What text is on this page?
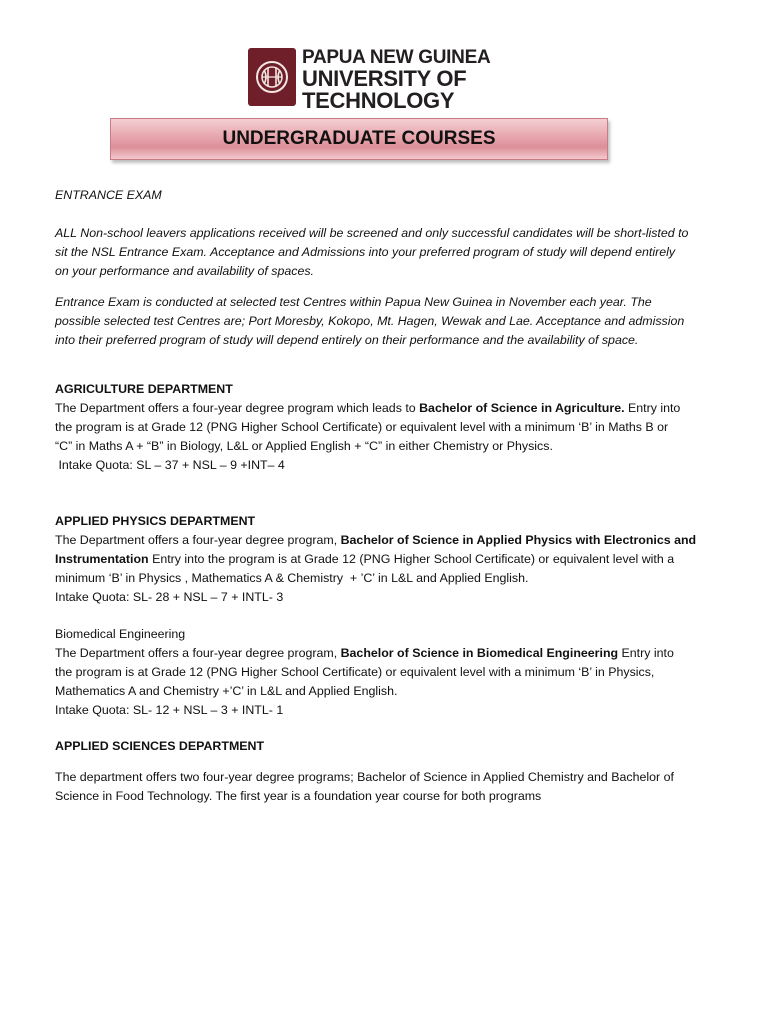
PAPUA NEW GUINEA
UNIVERSITY OF
TECHNOLOGY
UNDERGRADUATE COURSES

ENTRANCE EXAM

ALL Non-school leavers applications received will be screened and only successful candidates will be short-listed to

sit the NSL Entrance Exam. Acceptance and Admissions into your preferred program of study will depend entirely

on your performance and availability of spaces.

Entrance Exam is conducted at selected test Centres within Papua New Guinea in November each year. The

possible selected test Centres are; Port Moresby, Kokopo, Mt. Hagen, Wewak and Lae. Acceptance and admission

into their preferred program of study will depend entirely on their performance and the availability of space.

AGRICULTURE DEPARTMENT

The Department offers a four-year degree program which leads to Bachelor of Science in Agriculture. Entry into

the program is at Grade 12 (PNG Higher School Certificate) or equivalent level with a minimum ‘B’ in Maths B or

“C” in Maths A + “B” in Biology, L&L or Applied English + “C” in either Chemistry or Physics.

Intake Quota: SL – 37 + NSL – 9 +INT– 4

APPLIED PHYSICS DEPARTMENT

The Department offers a four-year degree program, Bachelor of Science in Applied Physics with Electronics and

Instrumentation Entry into the program is at Grade 12 (PNG Higher School Certificate) or equivalent level with a

minimum ‘B’ in Physics , Mathematics A & Chemistry  + ’C’ in L&L and Applied English.

Intake Quota: SL- 28 + NSL – 7 + INTL- 3

Biomedical Engineering

The Department offers a four-year degree program, Bachelor of Science in Biomedical Engineering Entry into

the program is at Grade 12 (PNG Higher School Certificate) or equivalent level with a minimum ‘B’ in Physics,

Mathematics A and Chemistry +’C’ in L&L and Applied English.

Intake Quota: SL- 12 + NSL – 3 + INTL- 1

APPLIED SCIENCES DEPARTMENT

The department offers two four-year degree programs; Bachelor of Science in Applied Chemistry and Bachelor of

Science in Food Technology. The first year is a foundation year course for both programs
